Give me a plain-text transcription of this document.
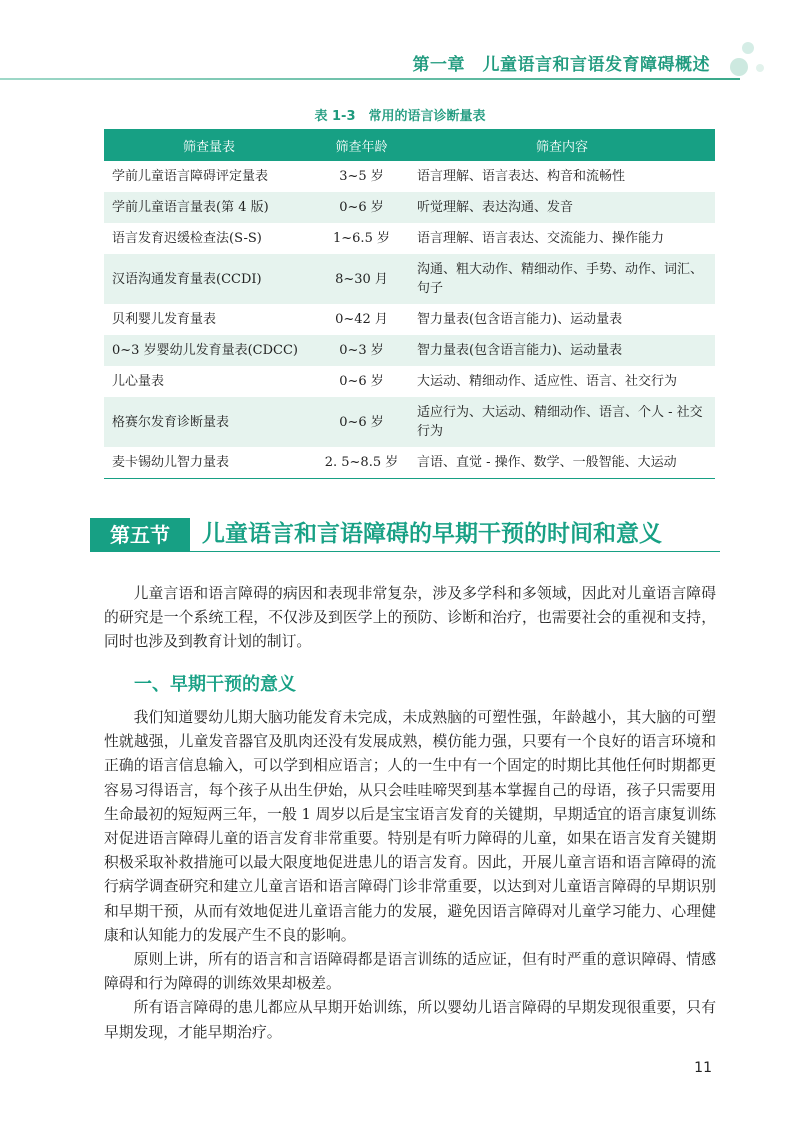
第一章　儿童语言和言语发育障碍概述
表 1-3　常用的语言诊断量表
筛查量表	筛查年龄	筛查内容
学前儿童语言障碍评定量表	3~5 岁	语言理解、语言表达、构音和流畅性
学前儿童语言量表(第 4 版)	0~6 岁	听觉理解、表达沟通、发音
语言发育迟缓检查法(S-S)	1~6.5 岁	语言理解、语言表达、交流能力、操作能力
汉语沟通发育量表(CCDI)	8~30 月	沟通、粗大动作、精细动作、手势、动作、词汇、句子
贝利婴儿发育量表	0~42 月	智力量表(包含语言能力)、运动量表
0~3 岁婴幼儿发育量表(CDCC)	0~3 岁	智力量表(包含语言能力)、运动量表
儿心量表	0~6 岁	大运动、精细动作、适应性、语言、社交行为
格赛尔发育诊断量表	0~6 岁	适应行为、大运动、精细动作、语言、个人 - 社交行为
麦卡锡幼儿智力量表	2. 5~8.5 岁	言语、直觉 - 操作、数学、一般智能、大运动
第五节	儿童语言和言语障碍的早期干预的时间和意义

儿童言语和语言障碍的病因和表现非常复杂，涉及多学科和多领域，因此对儿童语言障碍的研究是一个系统工程，不仅涉及到医学上的预防、诊断和治疗，也需要社会的重视和支持，同时也涉及到教育计划的制订。

一、早期干预的意义

我们知道婴幼儿期大脑功能发育未完成，未成熟脑的可塑性强，年龄越小，其大脑的可塑性就越强，儿童发音器官及肌肉还没有发展成熟，模仿能力强，只要有一个良好的语言环境和正确的语言信息输入，可以学到相应语言；人的一生中有一个固定的时期比其他任何时期都更容易习得语言，每个孩子从出生伊始，从只会哇哇啼哭到基本掌握自己的母语，孩子只需要用生命最初的短短两三年，一般 1 周岁以后是宝宝语言发育的关键期，早期适宜的语言康复训练对促进语言障碍儿童的语言发育非常重要。特别是有听力障碍的儿童，如果在语言发育关键期积极采取补救措施可以最大限度地促进患儿的语言发育。因此，开展儿童言语和语言障碍的流行病学调查研究和建立儿童言语和语言障碍门诊非常重要，以达到对儿童语言障碍的早期识别和早期干预，从而有效地促进儿童语言能力的发展，避免因语言障碍对儿童学习能力、心理健康和认知能力的发展产生不良的影响。

原则上讲，所有的语言和言语障碍都是语言训练的适应证，但有时严重的意识障碍、情感障碍和行为障碍的训练效果却极差。

所有语言障碍的患儿都应从早期开始训练，所以婴幼儿语言障碍的早期发现很重要，只有早期发现，才能早期治疗。

11
